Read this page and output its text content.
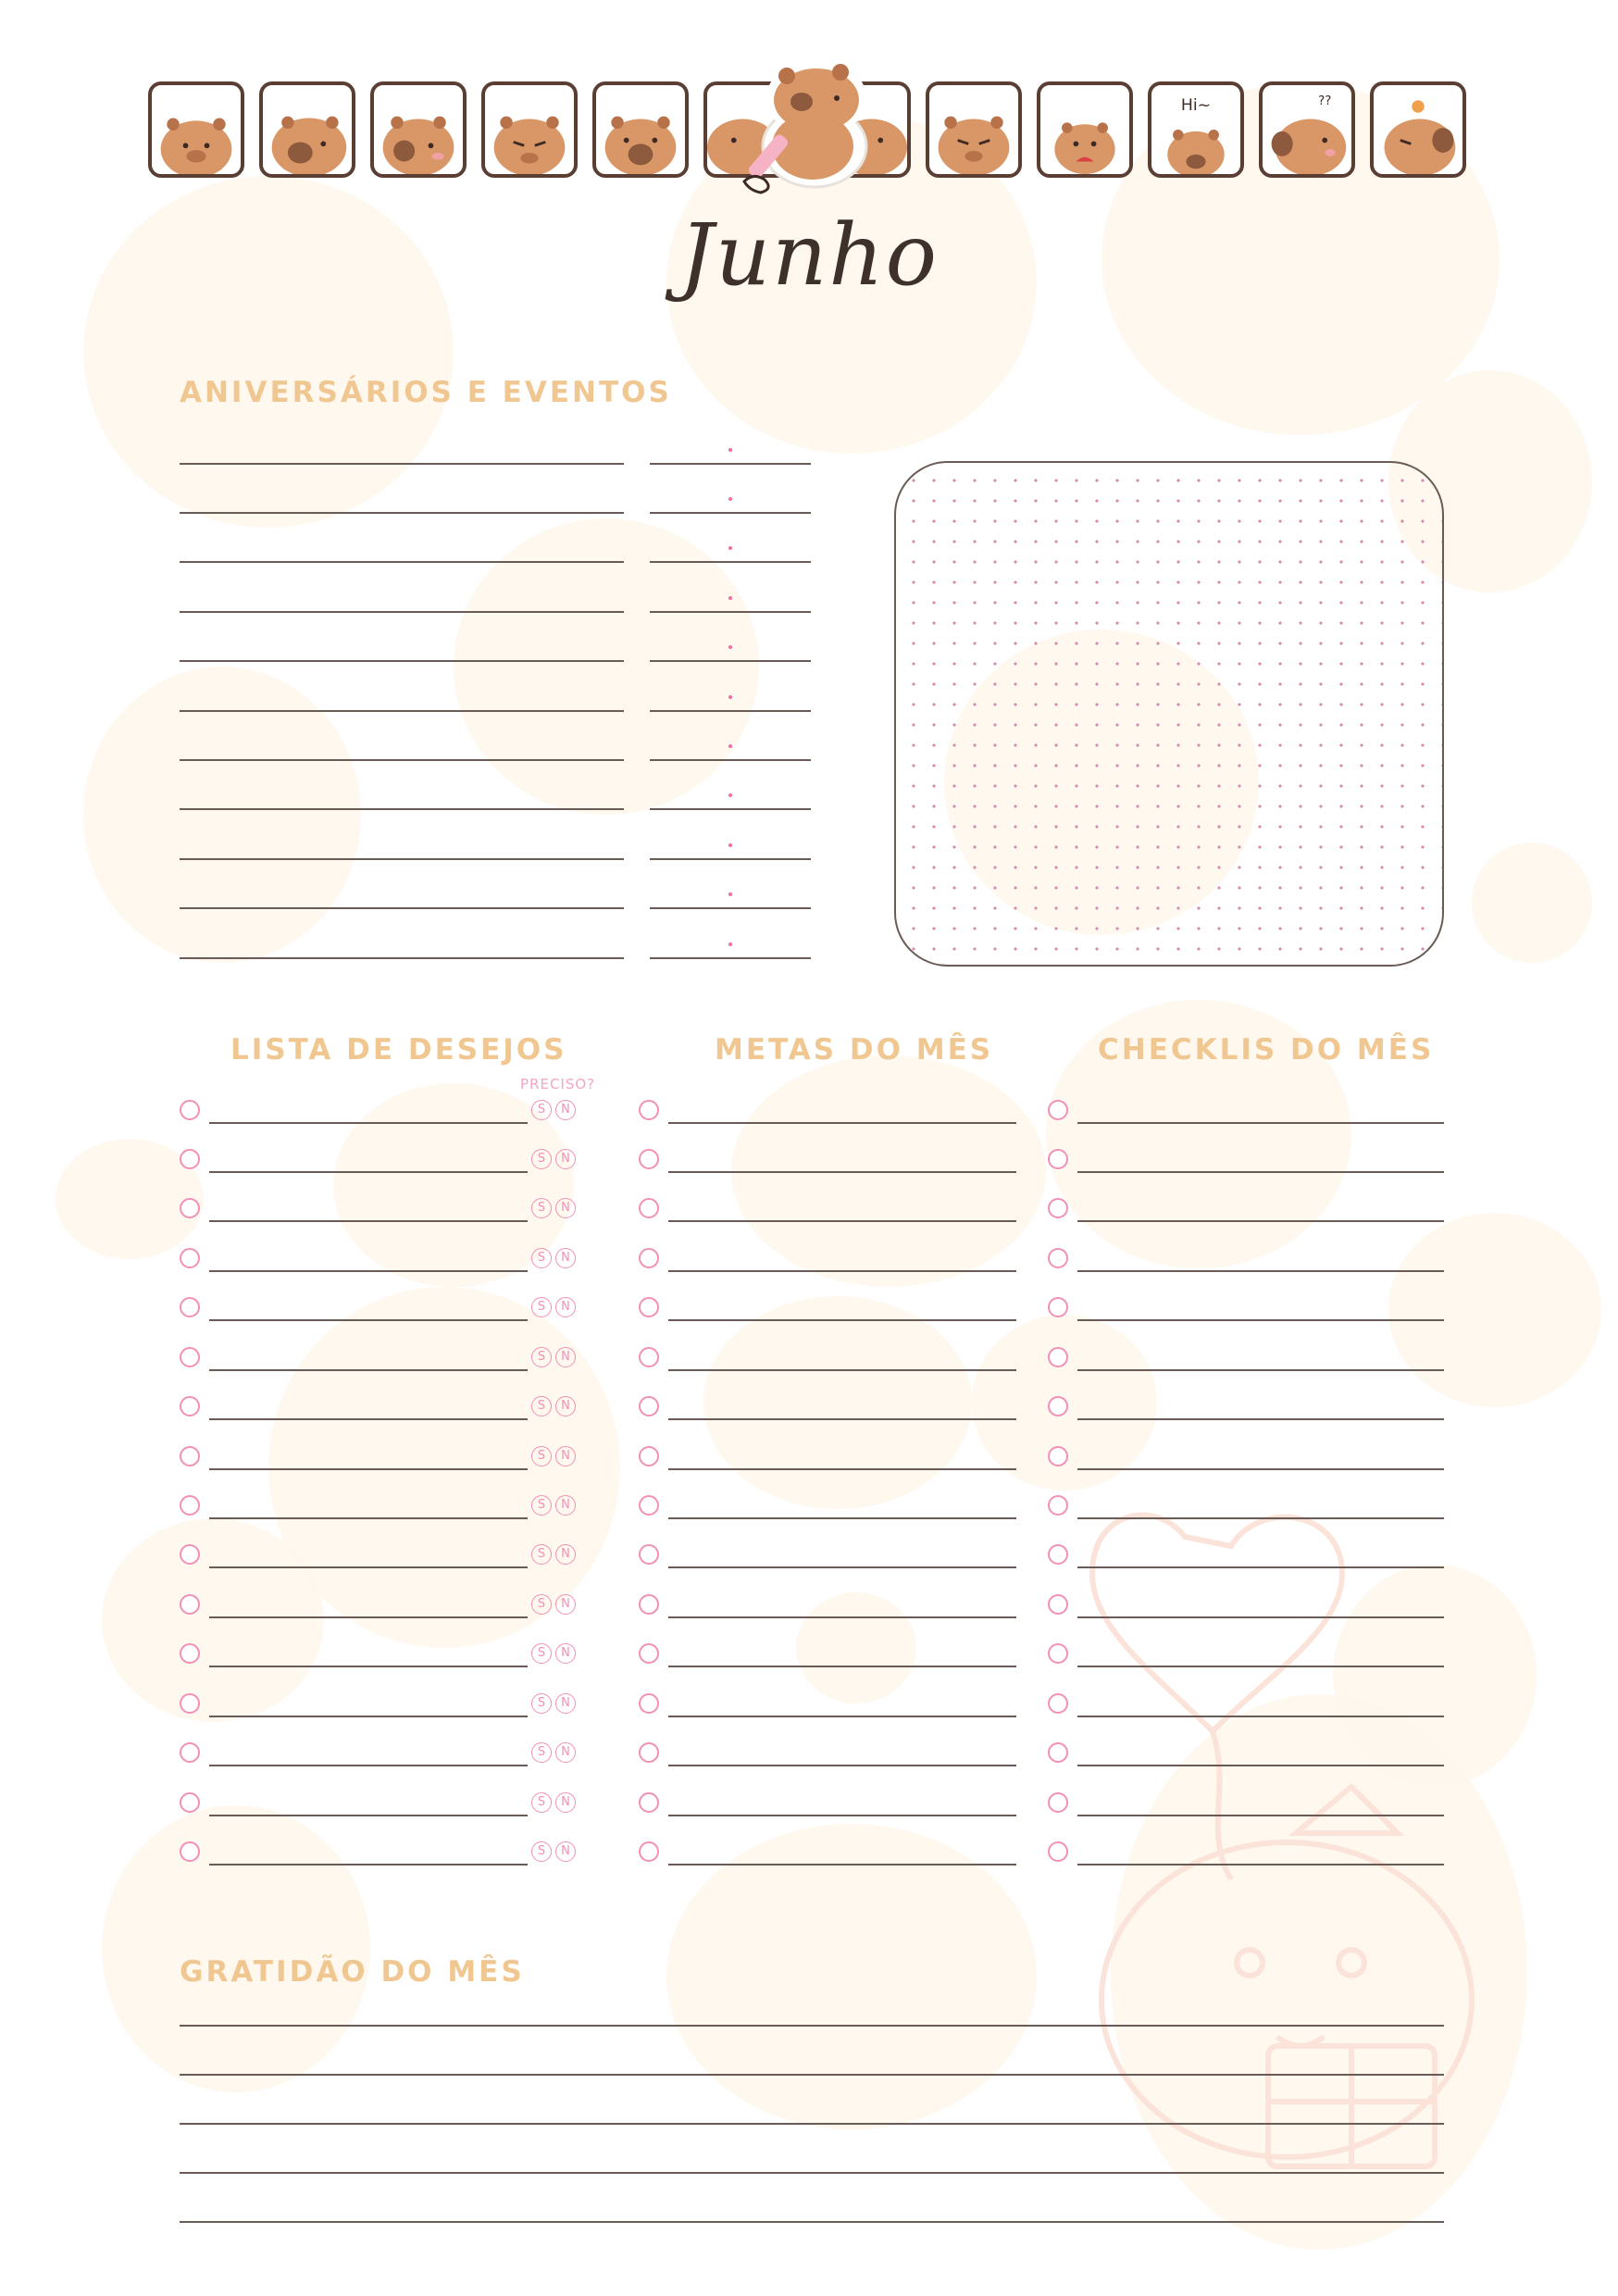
Hi~	??
Junho
ANIVERSÁRIOS E EVENTOS
LISTA DE DESEJOS	METAS DO MÊS	CHECKLIS DO MÊS
PRECISO?
S	N
S	N
S	N
S	N
S	N
S	N
S	N
S	N
S	N
S	N
S	N
S	N
S	N
S	N
S	N
S	N
GRATIDÃO DO MÊS
